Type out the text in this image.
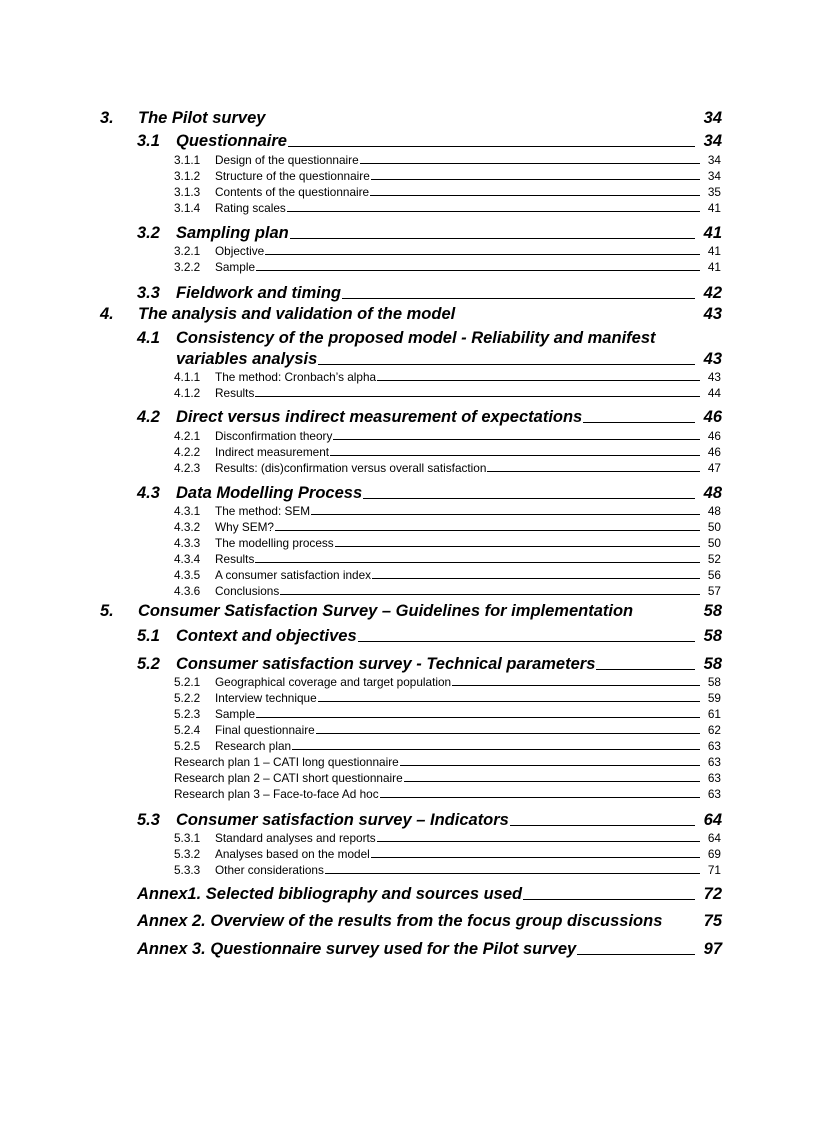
3.	The Pilot survey	34
3.1 Questionnaire	34
3.1.1	Design of the questionnaire	34
3.1.2	Structure of the questionnaire	34
3.1.3	Contents of the questionnaire	35
3.1.4	Rating scales	41
3.2 Sampling plan	41
3.2.1	Objective	41
3.2.2	Sample	41
3.3 Fieldwork and timing	42
4.	The analysis and validation of the model	43
4.1 Consistency of the proposed model - Reliability and manifest
variables analysis	43
4.1.1	The method: Cronbach’s alpha	43
4.1.2	Results	44
4.2 Direct versus indirect measurement of expectations	46
4.2.1	Disconfirmation theory	46
4.2.2	Indirect measurement	46
4.2.3	Results: (dis)confirmation versus overall satisfaction	47
4.3 Data Modelling Process	48
4.3.1	The method: SEM	48
4.3.2	Why SEM?	50
4.3.3	The modelling process	50
4.3.4	Results	52
4.3.5	A consumer satisfaction index	56
4.3.6	Conclusions	57
5.	Consumer Satisfaction Survey – Guidelines for implementation	58
5.1 Context and objectives	58
5.2 Consumer satisfaction survey - Technical parameters	58
5.2.1	Geographical coverage and target population	58
5.2.2	Interview technique	59
5.2.3	Sample	61
5.2.4	Final questionnaire	62
5.2.5	Research plan	63
Research plan 1 – CATI long questionnaire	63
Research plan 2 – CATI short questionnaire	63
Research plan 3 – Face-to-face Ad hoc	63
5.3 Consumer satisfaction survey – Indicators	64
5.3.1	Standard analyses and reports	64
5.3.2	Analyses based on the model	69
5.3.3	Other considerations	71
Annex1. Selected bibliography and sources used	72
Annex 2. Overview of the results from the focus group discussions	75
Annex 3. Questionnaire survey used for the Pilot survey	97
